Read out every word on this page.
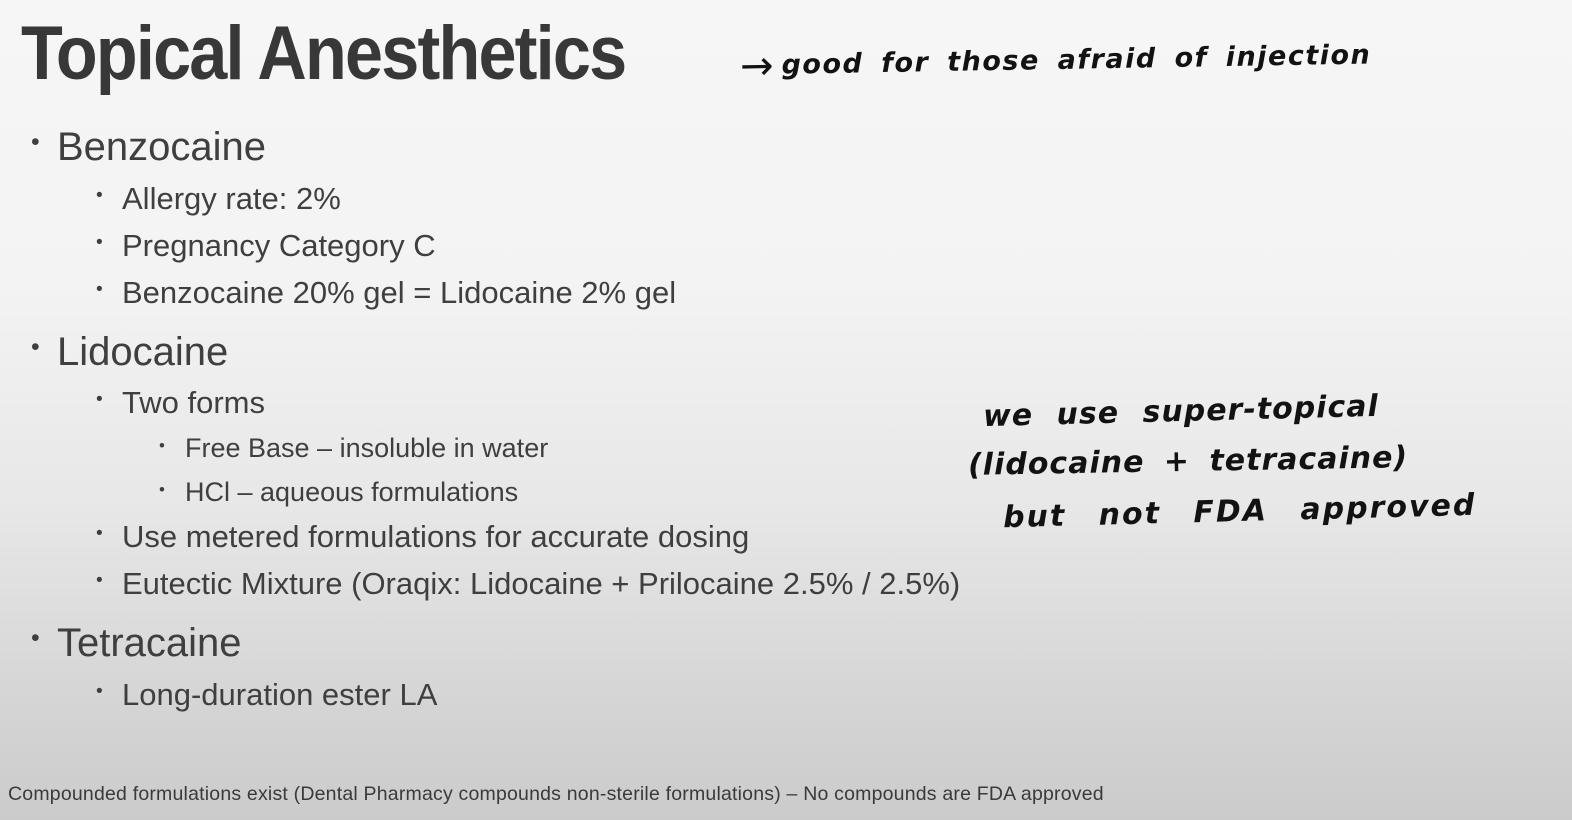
Topical Anesthetics	→ good for those afraid of injection
• Benzocaine
• Allergy rate: 2%
• Pregnancy Category C
• Benzocaine 20% gel = Lidocaine 2% gel
• Lidocaine
• Two forms
• Free Base – insoluble in water
• HCl – aqueous formulations
• Use metered formulations for accurate dosing
• Eutectic Mixture (Oraqix: Lidocaine + Prilocaine 2.5% / 2.5%)
• Tetracaine
• Long-duration ester LA
we use super-topical
(lidocaine + tetracaine)
but not FDA approved
Compounded formulations exist (Dental Pharmacy compounds non-sterile formulations) – No compounds are FDA approved
